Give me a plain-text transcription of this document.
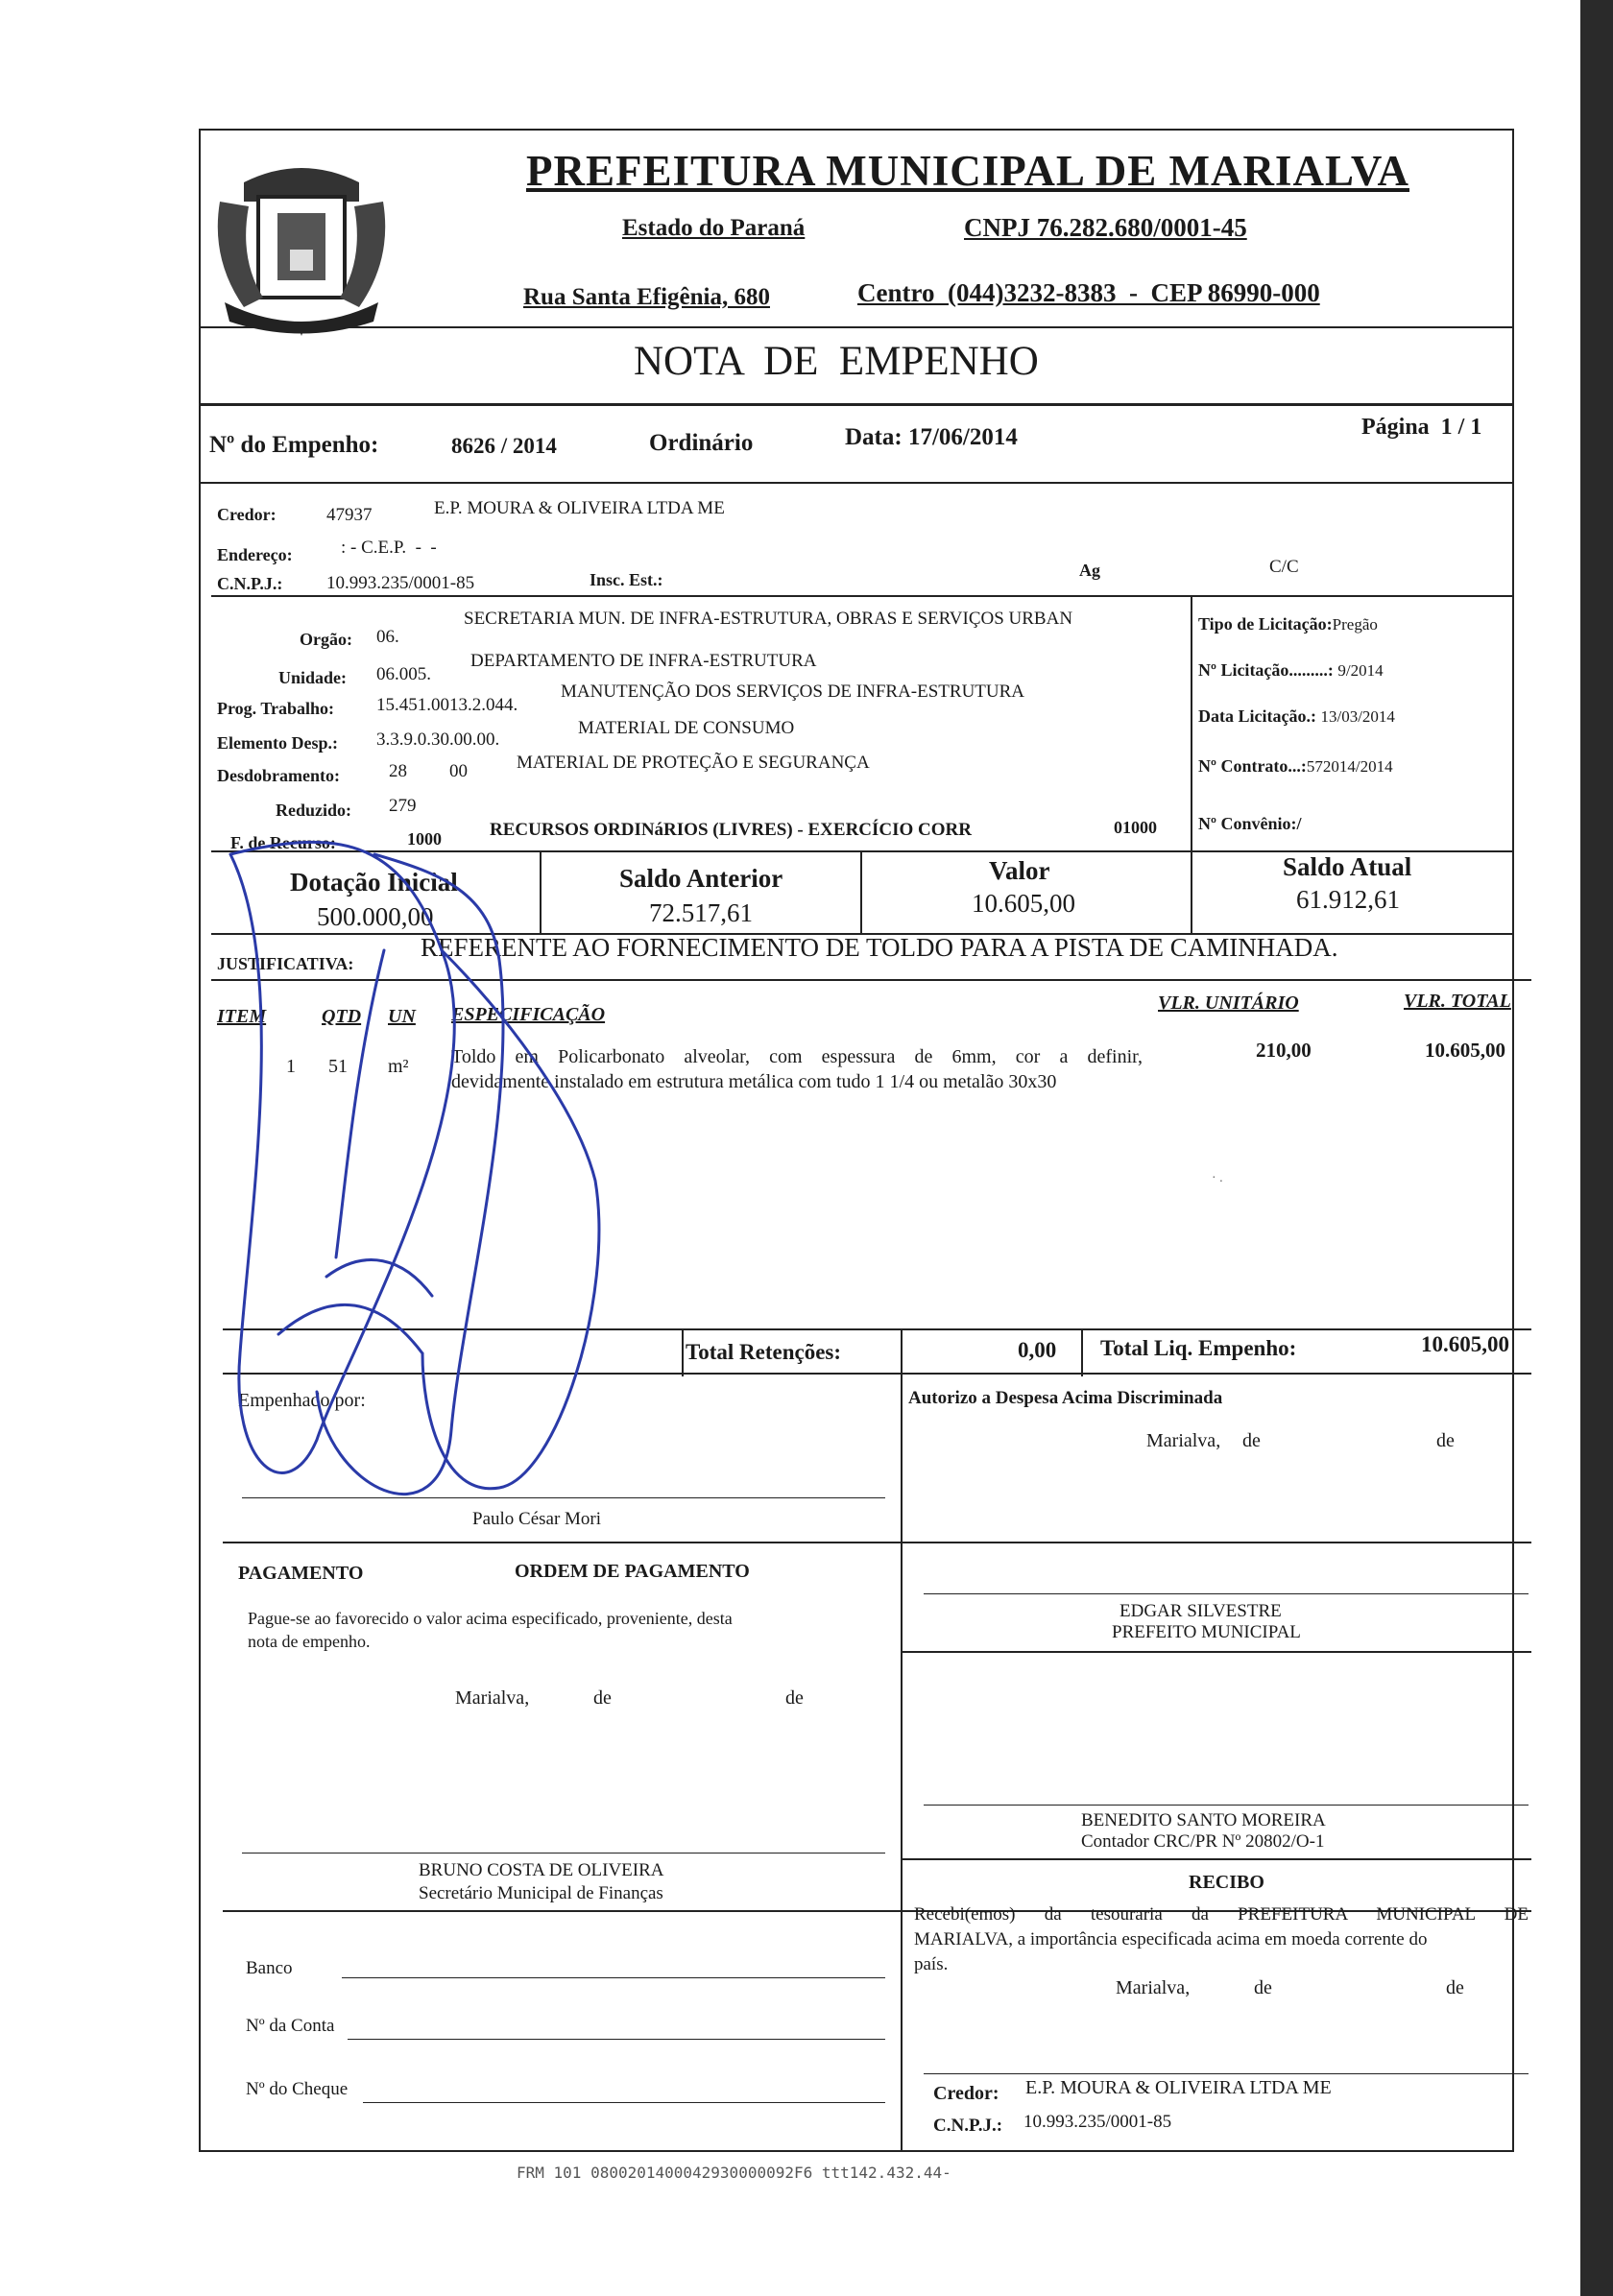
PREFEITURA MUNICIPAL DE MARIALVA
Estado do Paraná	CNPJ 76.282.680/0001-45
Rua Santa Efigênia, 680	Centro  (044)3232-8383  -  CEP 86990-000
NOTA  DE  EMPENHO
Nº do Empenho:	8626 / 2014	Ordinário	Data: 17/06/2014	Página  1 / 1
Credor:	47937	E.P. MOURA & OLIVEIRA LTDA ME
Endereço:	: - C.E.P.  -  -
C.N.P.J.: 10.993.235/0001-85	Insc. Est.:	Ag	C/C
Orgão: 06.
SECRETARIA MUN. DE INFRA-ESTRUTURA, OBRAS E SERVIÇOS URBAN
Unidade: 06.005.
DEPARTAMENTO DE INFRA-ESTRUTURA
Prog. Trabalho: 15.451.0013.2.044.
MANUTENÇÃO DOS SERVIÇOS DE INFRA-ESTRUTURA
Elemento Desp.: 3.3.9.0.30.00.00.
MATERIAL DE CONSUMO
Desdobramento:	28 00	MATERIAL DE PROTEÇÃO E SEGURANÇA
Reduzido: 279
F. de Recurso:	1000	RECURSOS ORDINáRIOS (LIVRES) - EXERCÍCIO CORR	01000
Tipo de Licitação:Pregão
Nº Licitação.........: 9/2014
Data Licitação.: 13/03/2014
Nº Contrato...:572014/2014
Nº Convênio:/
Dotação Inicial
500.000,00
Saldo Anterior
72.517,61
Valor
10.605,00
Saldo Atual
61.912,61
JUSTIFICATIVA:
REFERENTE AO FORNECIMENTO DE TOLDO PARA A PISTA DE CAMINHADA.
ITEM	QTD UN ESPECIFICAÇÃO
VLR. UNITÁRIO	VLR. TOTAL
1 51 m² Toldo em Policarbonato alveolar, com espessura de 6mm, cor a definir,
devidamente instalado em estrutura metálica com tudo 1 1/4 ou metalão 30x30
210,00	10.605,00
· .
Total Retenções:	0,00 Total Liq. Empenho:	10.605,00
Empenhado por:
Paulo César Mori
Autorizo a Despesa Acima Discriminada
Marialva, de	de
PAGAMENTO	ORDEM DE PAGAMENTO
Pague-se ao favorecido o valor acima especificado, proveniente, desta
nota de empenho.
Marialva,	de	de
BRUNO COSTA DE OLIVEIRA
Secretário Municipal de Finanças
Banco
Nº da Conta
Nº do Cheque
EDGAR SILVESTRE
PREFEITO MUNICIPAL
BENEDITO SANTO MOREIRA
Contador CRC/PR Nº 20802/O-1
RECIBO
Recebi(emos) da tesouraria da PREFEITURA MUNICIPAL DE
MARIALVA, a importância especificada acima em moeda corrente do
país.
Marialva,	de	de
Credor: E.P. MOURA & OLIVEIRA LTDA ME
C.N.P.J.: 10.993.235/0001-85
FRM 101 0800201400042930000092F6 ttt142.432.44-
